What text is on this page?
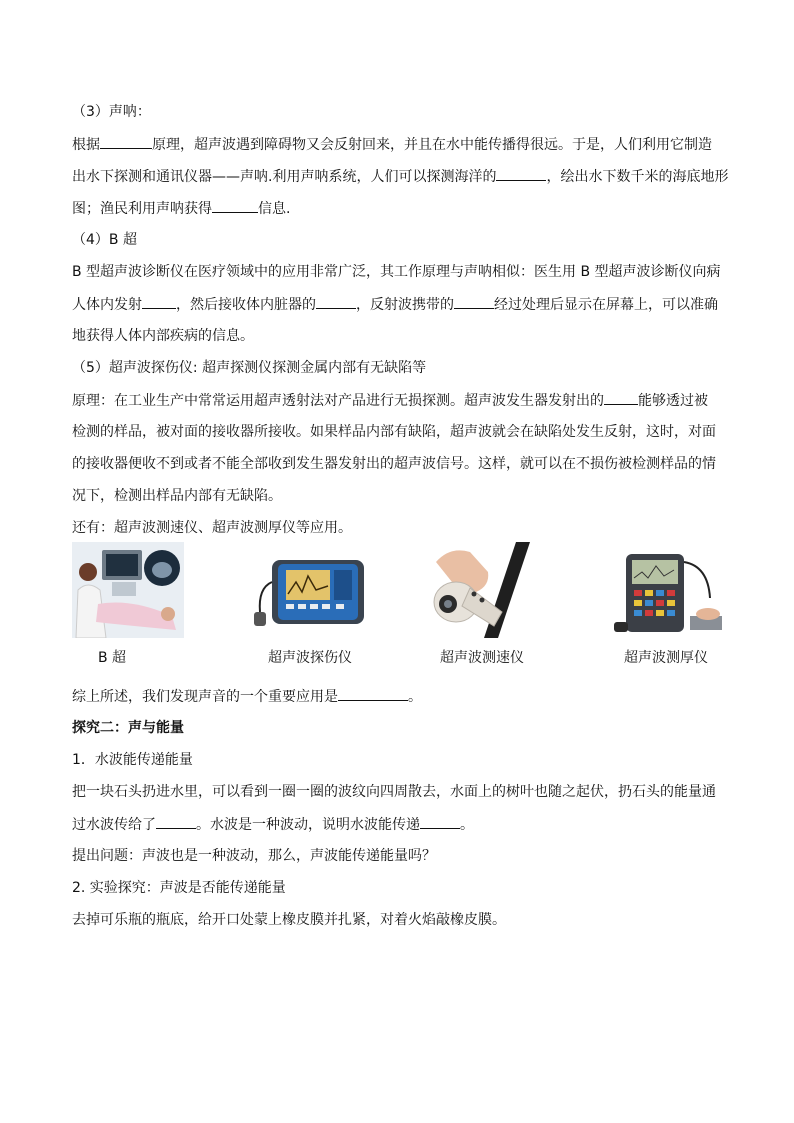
（3）声呐：

根据	原理，超声波遇到障碍物又会反射回来，并且在水中能传播得很远。于是，人们利用它制造

出水下探测和通讯仪器——声呐.利用声呐系统，人们可以探测海洋的	，绘出水下数千米的海底地形

图；渔民利用声呐获得	信息.

（4）B 超

B 型超声波诊断仪在医疗领域中的应用非常广泛，其工作原理与声呐相似：医生用 B 型超声波诊断仪向病

人体内发射 ，然后接收体内脏器的	，反射波携带的	经过处理后显示在屏幕上，可以准确

地获得人体内部疾病的信息。

（5）超声波探伤仪: 超声探测仪探测金属内部有无缺陷等

原理：在工业生产中常常运用超声透射法对产品进行无损探测。超声波发生器发射出的 能够透过被

检测的样品，被对面的接收器所接收。如果样品内部有缺陷，超声波就会在缺陷处发生反射，这时，对面

的接收器便收不到或者不能全部收到发生器发射出的超声波信号。这样，就可以在不损伤被检测样品的情

况下，检测出样品内部有无缺陷。

还有：超声波测速仪、超声波测厚仪等应用。

B 超	超声波探伤仪	超声波测速仪	超声波测厚仪

综上所述，我们发现声音的一个重要应用是	。

探究二：声与能量

1．水波能传递能量

把一块石头扔进水里，可以看到一圈一圈的波纹向四周散去，水面上的树叶也随之起伏，扔石头的能量通

过水波传给了	。水波是一种波动，说明水波能传递	。

提出问题：声波也是一种波动，那么，声波能传递能量吗？

2. 实验探究：声波是否能传递能量

去掉可乐瓶的瓶底，给开口处蒙上橡皮膜并扎紧，对着火焰敲橡皮膜。
